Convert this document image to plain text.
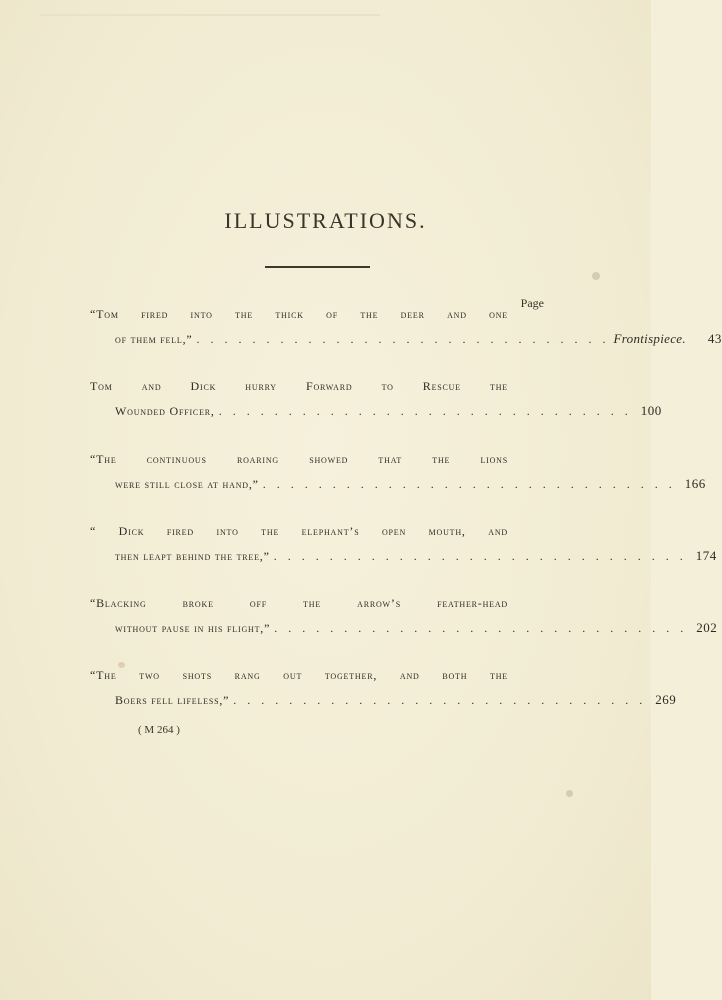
ILLUSTRATIONS.
Page
“Tom fired into the thick of the deer and one
of them fell,” . . . . . . . . . . . . . . . . . . . . . . . . . . . . . . Frontispiece.	43
Tom and Dick hurry Forward to Rescue the
Wounded Officer, . . . . . . . . . . . . . . . . . . . . . . . . . . . . . . 100
“The continuous roaring showed that the lions
were still close at hand,” . . . . . . . . . . . . . . . . . . . . . . . . . . . . . . 166
“ Dick fired into the elephant’s open mouth, and
then leapt behind the tree,” . . . . . . . . . . . . . . . . . . . . . . . . . . . . . . 174
“Blacking broke off the arrow’s feather-head
without pause in his flight,” . . . . . . . . . . . . . . . . . . . . . . . . . . . . . . 202
“The two shots rang out together, and both the
Boers fell lifeless,” . . . . . . . . . . . . . . . . . . . . . . . . . . . . . . 269
( M 264 )
